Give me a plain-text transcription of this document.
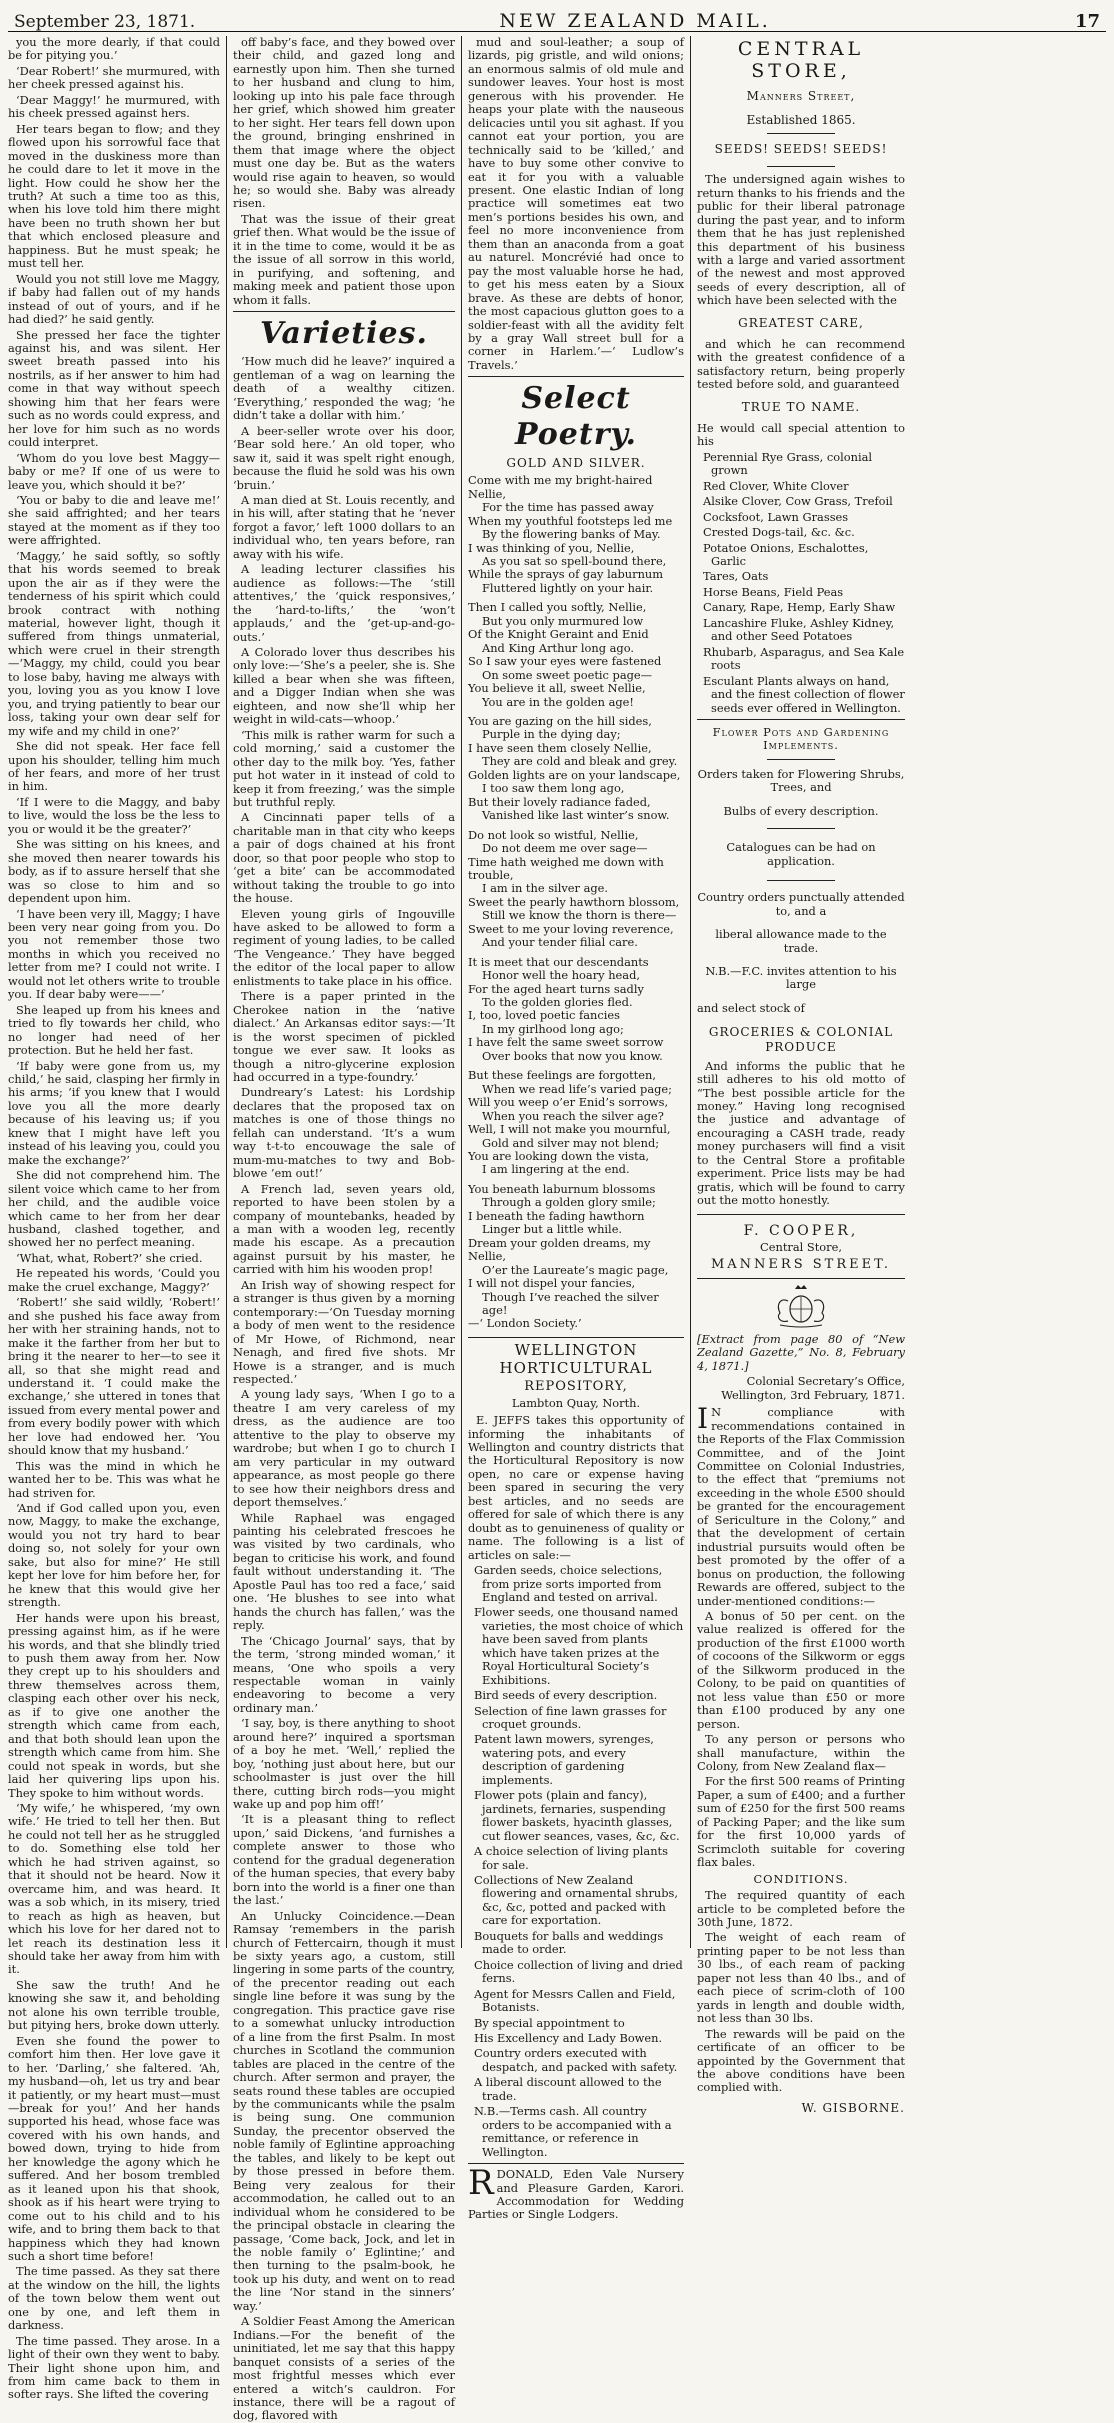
September 23, 1871.	NEW ZEALAND MAIL.	17

you the more dearly, if that could be for pitying you.’

‘Dear Robert!’ she murmured, with her cheek pressed against his.

‘Dear Maggy!’ he murmured, with his cheek pressed against hers.

Her tears began to flow; and they flowed upon his sorrowful face that moved in the duskiness more than he could dare to let it move in the light. How could he show her the truth? At such a time too as this, when his love told him there might have been no truth shown her but that which enclosed pleasure and happiness. But he must speak; he must tell her.

Would you not still love me Maggy, if baby had fallen out of my hands instead of out of yours, and if he had died?’ he said gently.

She pressed her face the tighter against his, and was silent. Her sweet breath passed into his nostrils, as if her answer to him had come in that way without speech showing him that her fears were such as no words could express, and her love for him such as no words could interpret.

‘Whom do you love best Maggy—baby or me? If one of us were to leave you, which should it be?’

‘You or baby to die and leave me!’ she said affrighted; and her tears stayed at the moment as if they too were affrighted.

‘Maggy,’ he said softly, so softly that his words seemed to break upon the air as if they were the tenderness of his spirit which could brook contract with nothing material, however light, though it suffered from things unmaterial, which were cruel in their strength—‘Maggy, my child, could you bear to lose baby, having me always with you, loving you as you know I love you, and trying patiently to bear our loss, taking your own dear self for my wife and my child in one?’

She did not speak. Her face fell upon his shoulder, telling him much of her fears, and more of her trust in him.

‘If I were to die Maggy, and baby to live, would the loss be the less to you or would it be the greater?’

She was sitting on his knees, and she moved then nearer towards his body, as if to assure herself that she was so close to him and so dependent upon him.

‘I have been very ill, Maggy; I have been very near going from you. Do you not remember those two months in which you received no letter from me? I could not write. I would not let others write to trouble you. If dear baby were——’

She leaped up from his knees and tried to fly towards her child, who no longer had need of her protection. But he held her fast.

‘If baby were gone from us, my child,’ he said, clasping her firmly in his arms; ‘if you knew that I would love you all the more dearly because of his leaving us; if you knew that I might have left you instead of his leaving you, could you make the exchange?’

She did not comprehend him. The silent voice which came to her from her child, and the audible voice which came to her from her dear husband, clashed together, and showed her no perfect meaning.

‘What, what, Robert?’ she cried.

He repeated his words, ‘Could you make the cruel exchange, Maggy?’

‘Robert!’ she said wildly, ‘Robert!’ and she pushed his face away from her with her straining hands, not to make it the farther from her but to bring it the nearer to her—to see it all, so that she might read and understand it. ‘I could make the exchange,’ she uttered in tones that issued from every mental power and from every bodily power with which her love had endowed her. ‘You should know that my husband.’

This was the mind in which he wanted her to be. This was what he had striven for.

‘And if God called upon you, even now, Maggy, to make the exchange, would you not try hard to bear doing so, not solely for your own sake, but also for mine?’ He still kept her love for him before her, for he knew that this would give her strength.

Her hands were upon his breast, pressing against him, as if he were his words, and that she blindly tried to push them away from her. Now they crept up to his shoulders and threw themselves across them, clasping each other over his neck, as if to give one another the strength which came from each, and that both should lean upon the strength which came from him. She could not speak in words, but she laid her quivering lips upon his. They spoke to him without words.

‘My wife,’ he whispered, ‘my own wife.’ He tried to tell her then. But he could not tell her as he struggled to do. Something else told her which he had striven against, so that it should not be heard. Now it overcame him, and was heard. It was a sob which, in its misery, tried to reach as high as heaven, but which his love for her dared not to let reach its destination less it should take her away from him with it.

She saw the truth! And he knowing she saw it, and beholding not alone his own terrible trouble, but pitying hers, broke down utterly.

Even she found the power to comfort him then. Her love gave it to her. ‘Darling,’ she faltered. ‘Ah, my husband—oh, let us try and bear it patiently, or my heart must—must—break for you!’ And her hands supported his head, whose face was covered with his own hands, and bowed down, trying to hide from her knowledge the agony which he suffered. And her bosom trembled as it leaned upon his that shook, shook as if his heart were trying to come out to his child and to his wife, and to bring them back to that happiness which they had known such a short time before!

The time passed. As they sat there at the window on the hill, the lights of the town below them went out one by one, and left them in darkness.

The time passed. They arose. In a light of their own they went to baby. Their light shone upon him, and from him came back to them in softer rays. She lifted the covering

off baby’s face, and they bowed over their child, and gazed long and earnestly upon him. Then she turned to her husband and clung to him, looking up into his pale face through her grief, which showed him greater to her sight. Her tears fell down upon the ground, bringing enshrined in them that image where the object must one day be. But as the waters would rise again to heaven, so would he; so would she. Baby was already risen.

That was the issue of their great grief then. What would be the issue of it in the time to come, would it be as the issue of all sorrow in this world, in purifying, and softening, and making meek and patient those upon whom it falls.

Varieties.

‘How much did he leave?’ inquired a gentleman of a wag on learning the death of a wealthy citizen. ‘Everything,’ responded the wag; ‘he didn’t take a dollar with him.’

A beer-seller wrote over his door, ‘Bear sold here.’ An old toper, who saw it, said it was spelt right enough, because the fluid he sold was his own ‘bruin.’

A man died at St. Louis recently, and in his will, after stating that he ‘never forgot a favor,’ left 1000 dollars to an individual who, ten years before, ran away with his wife.

A leading lecturer classifies his audience as follows:—The ‘still attentives,’ the ‘quick responsives,’ the ‘hard-to-lifts,’ the ‘won’t applauds,’ and the ‘get-up-and-go-outs.’

A Colorado lover thus describes his only love:—‘She’s a peeler, she is. She killed a bear when she was fifteen, and a Digger Indian when she was eighteen, and now she’ll whip her weight in wild-cats—whoop.’

‘This milk is rather warm for such a cold morning,’ said a customer the other day to the milk boy. ‘Yes, father put hot water in it instead of cold to keep it from freezing,’ was the simple but truthful reply.

A Cincinnati paper tells of a charitable man in that city who keeps a pair of dogs chained at his front door, so that poor people who stop to ‘get a bite’ can be accommodated without taking the trouble to go into the house.

Eleven young girls of Ingouville have asked to be allowed to form a regiment of young ladies, to be called ‘The Vengeance.’ They have begged the editor of the local paper to allow enlistments to take place in his office.

There is a paper printed in the Cherokee nation in the ‘native dialect.’ An Arkansas editor says:—‘It is the worst specimen of pickled tongue we ever saw. It looks as though a nitro-glycerine explosion had occurred in a type-foundry.’

Dundreary’s Latest: his Lordship declares that the proposed tax on matches is one of those things no fellah can understand. ‘It’s a wum way t-t-to encouwage the sale of mum-mu-matches to twy and Bob-blowe ’em out!’

A French lad, seven years old, reported to have been stolen by a company of mountebanks, headed by a man with a wooden leg, recently made his escape. As a precaution against pursuit by his master, he carried with him his wooden prop!

An Irish way of showing respect for a stranger is thus given by a morning contemporary:—‘On Tuesday morning a body of men went to the residence of Mr Howe, of Richmond, near Nenagh, and fired five shots. Mr Howe is a stranger, and is much respected.’

A young lady says, ‘When I go to a theatre I am very careless of my dress, as the audience are too attentive to the play to observe my wardrobe; but when I go to church I am very particular in my outward appearance, as most people go there to see how their neighbors dress and deport themselves.’

While Raphael was engaged painting his celebrated frescoes he was visited by two cardinals, who began to criticise his work, and found fault without understanding it. ‘The Apostle Paul has too red a face,’ said one. ‘He blushes to see into what hands the church has fallen,’ was the reply.

The ‘Chicago Journal’ says, that by the term, ‘strong minded woman,’ it means, ‘One who spoils a very respectable woman in vainly endeavoring to become a very ordinary man.’

‘I say, boy, is there anything to shoot around here?’ inquired a sportsman of a boy he met. ‘Well,’ replied the boy, ‘nothing just about here, but our schoolmaster is just over the hill there, cutting birch rods—you might wake up and pop him off!’

‘It is a pleasant thing to reflect upon,’ said Dickens, ‘and furnishes a complete answer to those who contend for the gradual degeneration of the human species, that every baby born into the world is a finer one than the last.’

An Unlucky Coincidence.—Dean Ramsay ‘remembers in the parish church of Fettercairn, though it must be sixty years ago, a custom, still lingering in some parts of the country, of the precentor reading out each single line before it was sung by the congregation. This practice gave rise to a somewhat unlucky introduction of a line from the first Psalm. In most churches in Scotland the communion tables are placed in the centre of the church. After sermon and prayer, the seats round these tables are occupied by the communicants while the psalm is being sung. One communion Sunday, the precentor observed the noble family of Eglintine approaching the tables, and likely to be kept out by those pressed in before them. Being very zealous for their accommodation, he called out to an individual whom he considered to be the principal obstacle in clearing the passage, ‘Come back, Jock, and let in the noble family o’ Eglintine;’ and then turning to the psalm-book, he took up his duty, and went on to read the line ‘Nor stand in the sinners’ way.’

A Soldier Feast Among the American Indians.—For the benefit of the uninitiated, let me say that this happy banquet consists of a series of the most frightful messes which ever entered a witch’s cauldron. For instance, there will be a ragout of dog, flavored with

mud and soul-leather; a soup of lizards, pig gristle, and wild onions; an enormous salmis of old mule and sundower leaves. Your host is most generous with his provender. He heaps your plate with the nauseous delicacies until you sit aghast. If you cannot eat your portion, you are technically said to be ‘killed,’ and have to buy some other convive to eat it for you with a valuable present. One elastic Indian of long practice will sometimes eat two men’s portions besides his own, and feel no more inconvenience from them than an anaconda from a goat au naturel. Moncrévié had once to pay the most valuable horse he had, to get his mess eaten by a Sioux brave. As these are debts of honor, the most capacious glutton goes to a soldier-feast with all the avidity felt by a gray Wall street bull for a corner in Harlem.’—‘ Ludlow’s Travels.’

Select Poetry.
GOLD AND SILVER.

Come with me my bright-haired Nellie,

For the time has passed away

When my youthful footsteps led me

By the flowering banks of May.

I was thinking of you, Nellie,

As you sat so spell-bound there,

While the sprays of gay laburnum

Fluttered lightly on your hair.

Then I called you softly, Nellie,

But you only murmured low

Of the Knight Geraint and Enid

And King Arthur long ago.

So I saw your eyes were fastened

On some sweet poetic page—

You believe it all, sweet Nellie,

You are in the golden age!

You are gazing on the hill sides,

Purple in the dying day;

I have seen them closely Nellie,

They are cold and bleak and grey.

Golden lights are on your landscape,

I too saw them long ago,

But their lovely radiance faded,

Vanished like last winter’s snow.

Do not look so wistful, Nellie,

Do not deem me over sage—

Time hath weighed me down with trouble,

I am in the silver age.

Sweet the pearly hawthorn blossom,

Still we know the thorn is there—

Sweet to me your loving reverence,

And your tender filial care.

It is meet that our descendants

Honor well the hoary head,

For the aged heart turns sadly

To the golden glories fled.

I, too, loved poetic fancies

In my girlhood long ago;

I have felt the same sweet sorrow

Over books that now you know.

But these feelings are forgotten,

When we read life’s varied page;

Will you weep o’er Enid’s sorrows,

When you reach the silver age?

Well, I will not make you mournful,

Gold and silver may not blend;

You are looking down the vista,

I am lingering at the end.

You beneath laburnum blossoms

Through a golden glory smile;

I beneath the fading hawthorn

Linger but a little while.

Dream your golden dreams, my Nellie,

O’er the Laureate’s magic page,

I will not dispel your fancies,

Though I’ve reached the silver age!

—‘ London Society.’

WELLINGTON HORTICULTURAL
REPOSITORY,
Lambton Quay, North.

E. JEFFS takes this opportunity of informing the inhabitants of Wellington and country districts that the Horticultural Repository is now open, no care or expense having been spared in securing the very best articles, and no seeds are offered for sale of which there is any doubt as to genuineness of quality or name. The following is a list of articles on sale:—

Garden seeds, choice selections, from prize sorts imported from England and tested on arrival.

Flower seeds, one thousand named varieties, the most choice of which have been saved from plants which have taken prizes at the Royal Horticultural Society’s Exhibitions.

Bird seeds of every description.

Selection of fine lawn grasses for croquet grounds.

Patent lawn mowers, syrenges, watering pots, and every description of gardening implements.

Flower pots (plain and fancy), jardinets, fernaries, suspending flower baskets, hyacinth glasses, cut flower seances, vases, &c, &c.

A choice selection of living plants for sale.

Collections of New Zealand flowering and ornamental shrubs, &c, &c, potted and packed with care for exportation.

Bouquets for balls and weddings made to order.

Choice collection of living and dried ferns.

Agent for Messrs Callen and Field, Botanists.

By special appointment to

His Excellency and Lady Bowen.

Country orders executed with despatch, and packed with safety.

A liberal discount allowed to the trade.

N.B.—Terms cash. All country orders to be accompanied with a remittance, or reference in Wellington.

RDONALD, Eden Vale Nursery and Pleasure Garden, Karori. Accommodation for Wedding Parties or Single Lodgers.

CENTRAL STORE,
Manners Street,
Established 1865.
SEEDS! SEEDS! SEEDS!

The undersigned again wishes to return thanks to his friends and the public for their liberal patronage during the past year, and to inform them that he has just replenished this department of his business with a large and varied assortment of the newest and most approved seeds of every description, all of which have been selected with the

GREATEST CARE,

and which he can recommend with the greatest confidence of a satisfactory return, being properly tested before sold, and guaranteed

TRUE TO NAME.

He would call special attention to his

Perennial Rye Grass, colonial grown

Red Clover, White Clover

Alsike Clover, Cow Grass, Trefoil

Cocksfoot, Lawn Grasses

Crested Dogs-tail, &c. &c.

Potatoe Onions, Eschalottes, Garlic

Tares, Oats

Horse Beans, Field Peas

Canary, Rape, Hemp, Early Shaw

Lancashire Fluke, Ashley Kidney, and other Seed Potatoes

Rhubarb, Asparagus, and Sea Kale roots

Esculant Plants always on hand, and the finest collection of flower seeds ever offered in Wellington.

Flower Pots and Gardening Implements.
Orders taken for Flowering Shrubs, Trees, and
Bulbs of every description.
Catalogues can be had on application.
Country orders punctually attended to, and a
liberal allowance made to the trade.
N.B.—F.C. invites attention to his large
and select stock of
GROCERIES & COLONIAL PRODUCE

And informs the public that he still adheres to his old motto of “The best possible article for the money.” Having long recognised the justice and advantage of encouraging a CASH trade, ready money purchasers will find a visit to the Central Store a profitable experiment. Price lists may be had gratis, which will be found to carry out the motto honestly.

F. COOPER,
Central Store,
MANNERS STREET.

[Extract from page 80 of “New Zealand Gazette,” No. 8, February 4, 1871.]

Colonial Secretary’s Office,
Wellington, 3rd February, 1871.

I N compliance with recommendations contained in the Reports of the Flax Commission Committee, and of the Joint Committee on Colonial Industries, to the effect that “premiums not exceeding in the whole £500 should be granted for the encouragement of Sericulture in the Colony,” and that the development of certain industrial pursuits would often be best promoted by the offer of a bonus on production, the following Rewards are offered, subject to the under-mentioned conditions:—

A bonus of 50 per cent. on the value realized is offered for the production of the first £1000 worth of cocoons of the Silkworm or eggs of the Silkworm produced in the Colony, to be paid on quantities of not less value than £50 or more than £100 produced by any one person.

To any person or persons who shall manufacture, within the Colony, from New Zealand flax—

For the first 500 reams of Printing Paper, a sum of £400; and a further sum of £250 for the first 500 reams of Packing Paper; and the like sum for the first 10,000 yards of Scrimcloth suitable for covering flax bales.

CONDITIONS.

The required quantity of each article to be completed before the 30th June, 1872.

The weight of each ream of printing paper to be not less than 30 lbs., of each ream of packing paper not less than 40 lbs., and of each piece of scrim-cloth of 100 yards in length and double width, not less than 30 lbs.

The rewards will be paid on the certificate of an officer to be appointed by the Government that the above conditions have been complied with.

W. GISBORNE.
